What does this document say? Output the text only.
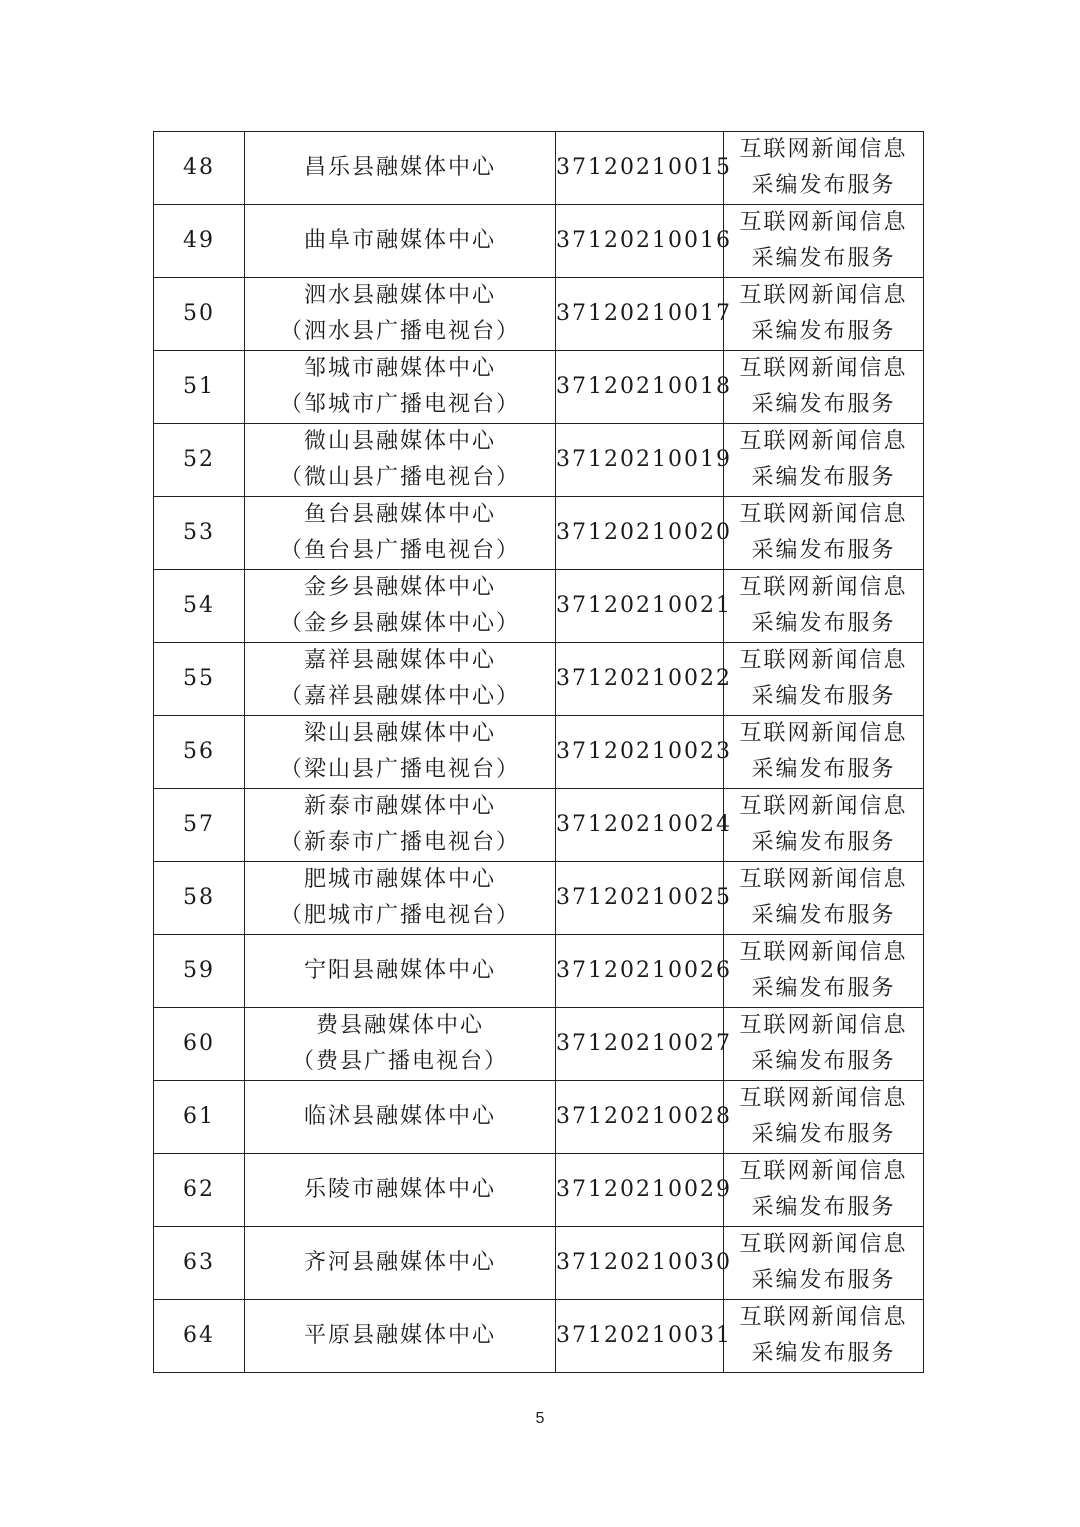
48	昌乐县融媒体中心	37120210015	互联网新闻信息
采编发布服务

49	曲阜市融媒体中心	37120210016	互联网新闻信息
采编发布服务

50	泗水县融媒体中心
（泗水县广播电视台）	37120210017	互联网新闻信息
采编发布服务

51	邹城市融媒体中心
（邹城市广播电视台）	37120210018	互联网新闻信息
采编发布服务

52	微山县融媒体中心
（微山县广播电视台）	37120210019	互联网新闻信息
采编发布服务

53	鱼台县融媒体中心
（鱼台县广播电视台）	37120210020	互联网新闻信息
采编发布服务

54	金乡县融媒体中心
（金乡县融媒体中心）	37120210021	互联网新闻信息
采编发布服务

55	嘉祥县融媒体中心
（嘉祥县融媒体中心）	37120210022	互联网新闻信息
采编发布服务

56	梁山县融媒体中心
（梁山县广播电视台）	37120210023	互联网新闻信息
采编发布服务

57	新泰市融媒体中心
（新泰市广播电视台）	37120210024	互联网新闻信息
采编发布服务

58	肥城市融媒体中心
（肥城市广播电视台）	37120210025	互联网新闻信息
采编发布服务

59	宁阳县融媒体中心	37120210026	互联网新闻信息
采编发布服务

60	费县融媒体中心
（费县广播电视台）	37120210027	互联网新闻信息
采编发布服务

61	临沭县融媒体中心	37120210028	互联网新闻信息
采编发布服务

62	乐陵市融媒体中心	37120210029	互联网新闻信息
采编发布服务

63	齐河县融媒体中心	37120210030	互联网新闻信息
采编发布服务

64	平原县融媒体中心	37120210031	互联网新闻信息
采编发布服务
5
